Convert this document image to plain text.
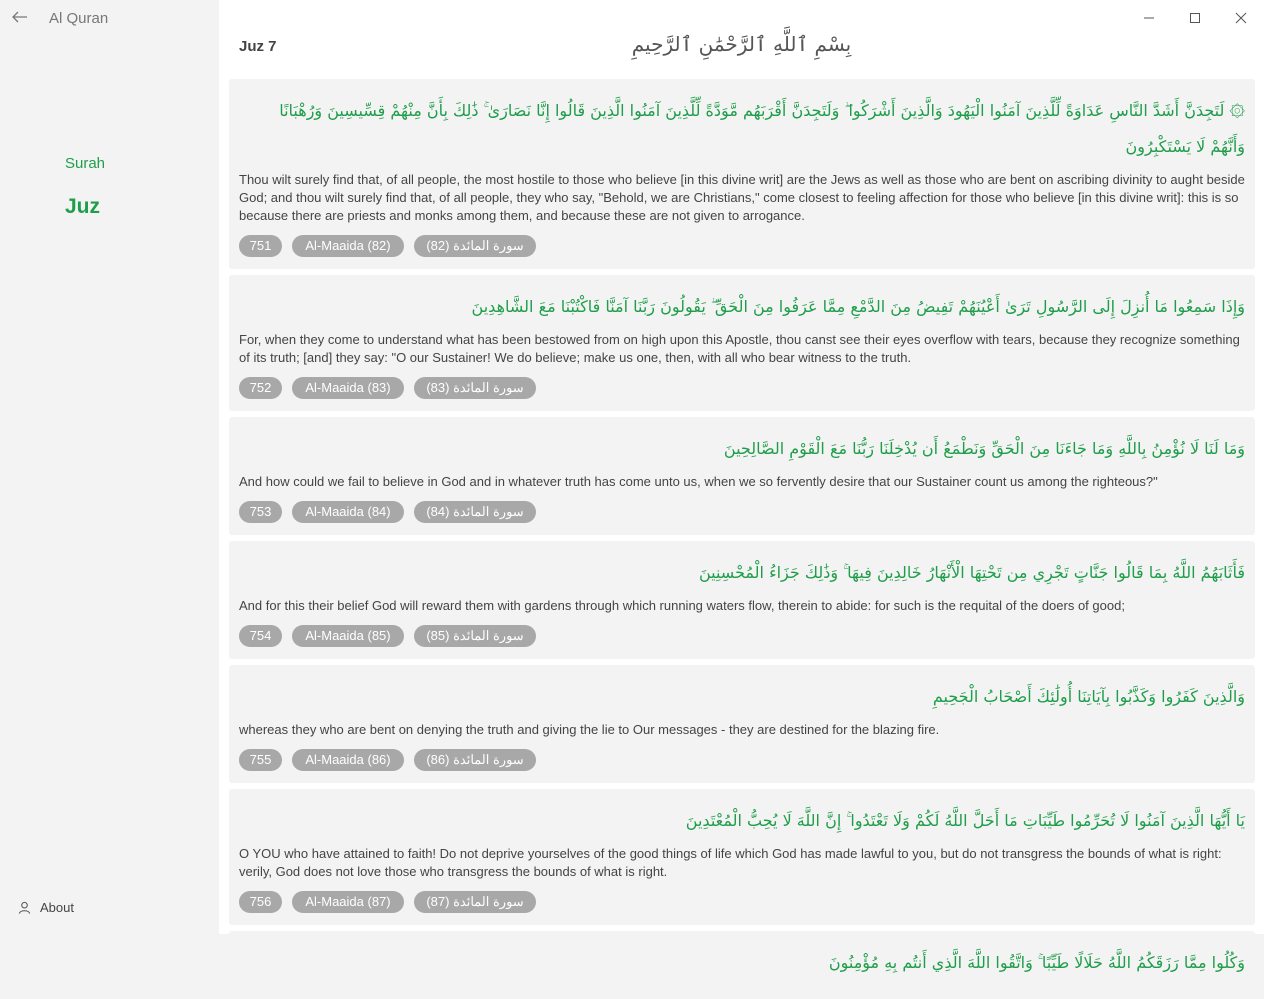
Al Quran
Surah
Juz
About
Juz 7	بِسْمِ ٱللَّهِ ٱلرَّحْمَٰنِ ٱلرَّحِيمِ
۞ لَتَجِدَنَّ أَشَدَّ النَّاسِ عَدَاوَةً لِّلَّذِينَ آمَنُوا الْيَهُودَ وَالَّذِينَ أَشْرَكُوا ۖ وَلَتَجِدَنَّ أَقْرَبَهُم مَّوَدَّةً لِّلَّذِينَ آمَنُوا الَّذِينَ قَالُوا إِنَّا نَصَارَىٰ ۚ ذَٰلِكَ بِأَنَّ مِنْهُمْ قِسِّيسِينَ وَرُهْبَانًا وَأَنَّهُمْ لَا يَسْتَكْبِرُونَ
Thou wilt surely find that, of all people, the most hostile to those who believe [in this divine writ] are the Jews as well as those who are bent on ascribing divinity to aught beside God; and thou wilt surely find that, of all people, they who say, "Behold, we are Christians," come closest to feeling affection for those who believe [in this divine writ]: this is so because there are priests and monks among them, and because these are not given to arrogance.
751	Al-Maaida (82)	سورة المائدة (82)
وَإِذَا سَمِعُوا مَا أُنزِلَ إِلَى الرَّسُولِ تَرَىٰ أَعْيُنَهُمْ تَفِيضُ مِنَ الدَّمْعِ مِمَّا عَرَفُوا مِنَ الْحَقِّ ۖ يَقُولُونَ رَبَّنَا آمَنَّا فَاكْتُبْنَا مَعَ الشَّاهِدِينَ
For, when they come to understand what has been bestowed from on high upon this Apostle, thou canst see their eyes overflow with tears, because they recognize something of its truth; [and] they say: "O our Sustainer! We do believe; make us one, then, with all who bear witness to the truth.
752	Al-Maaida (83)	سورة المائدة (83)
وَمَا لَنَا لَا نُؤْمِنُ بِاللَّهِ وَمَا جَاءَنَا مِنَ الْحَقِّ وَنَطْمَعُ أَن يُدْخِلَنَا رَبُّنَا مَعَ الْقَوْمِ الصَّالِحِينَ
And how could we fail to believe in God and in whatever truth has come unto us, when we so fervently desire that our Sustainer count us among the righteous?"
753	Al-Maaida (84)	سورة المائدة (84)
فَأَثَابَهُمُ اللَّهُ بِمَا قَالُوا جَنَّاتٍ تَجْرِي مِن تَحْتِهَا الْأَنْهَارُ خَالِدِينَ فِيهَا ۚ وَذَٰلِكَ جَزَاءُ الْمُحْسِنِينَ
And for this their belief God will reward them with gardens through which running waters flow, therein to abide: for such is the requital of the doers of good;
754	Al-Maaida (85)	سورة المائدة (85)
وَالَّذِينَ كَفَرُوا وَكَذَّبُوا بِآيَاتِنَا أُولَٰئِكَ أَصْحَابُ الْجَحِيمِ
whereas they who are bent on denying the truth and giving the lie to Our messages - they are destined for the blazing fire.
755	Al-Maaida (86)	سورة المائدة (86)
يَا أَيُّهَا الَّذِينَ آمَنُوا لَا تُحَرِّمُوا طَيِّبَاتِ مَا أَحَلَّ اللَّهُ لَكُمْ وَلَا تَعْتَدُوا ۚ إِنَّ اللَّهَ لَا يُحِبُّ الْمُعْتَدِينَ
O YOU who have attained to faith! Do not deprive yourselves of the good things of life which God has made lawful to you, but do not transgress the bounds of what is right: verily, God does not love those who transgress the bounds of what is right.
756	Al-Maaida (87)	سورة المائدة (87)
وَكُلُوا مِمَّا رَزَقَكُمُ اللَّهُ حَلَالًا طَيِّبًا ۚ وَاتَّقُوا اللَّهَ الَّذِي أَنتُم بِهِ مُؤْمِنُونَ
